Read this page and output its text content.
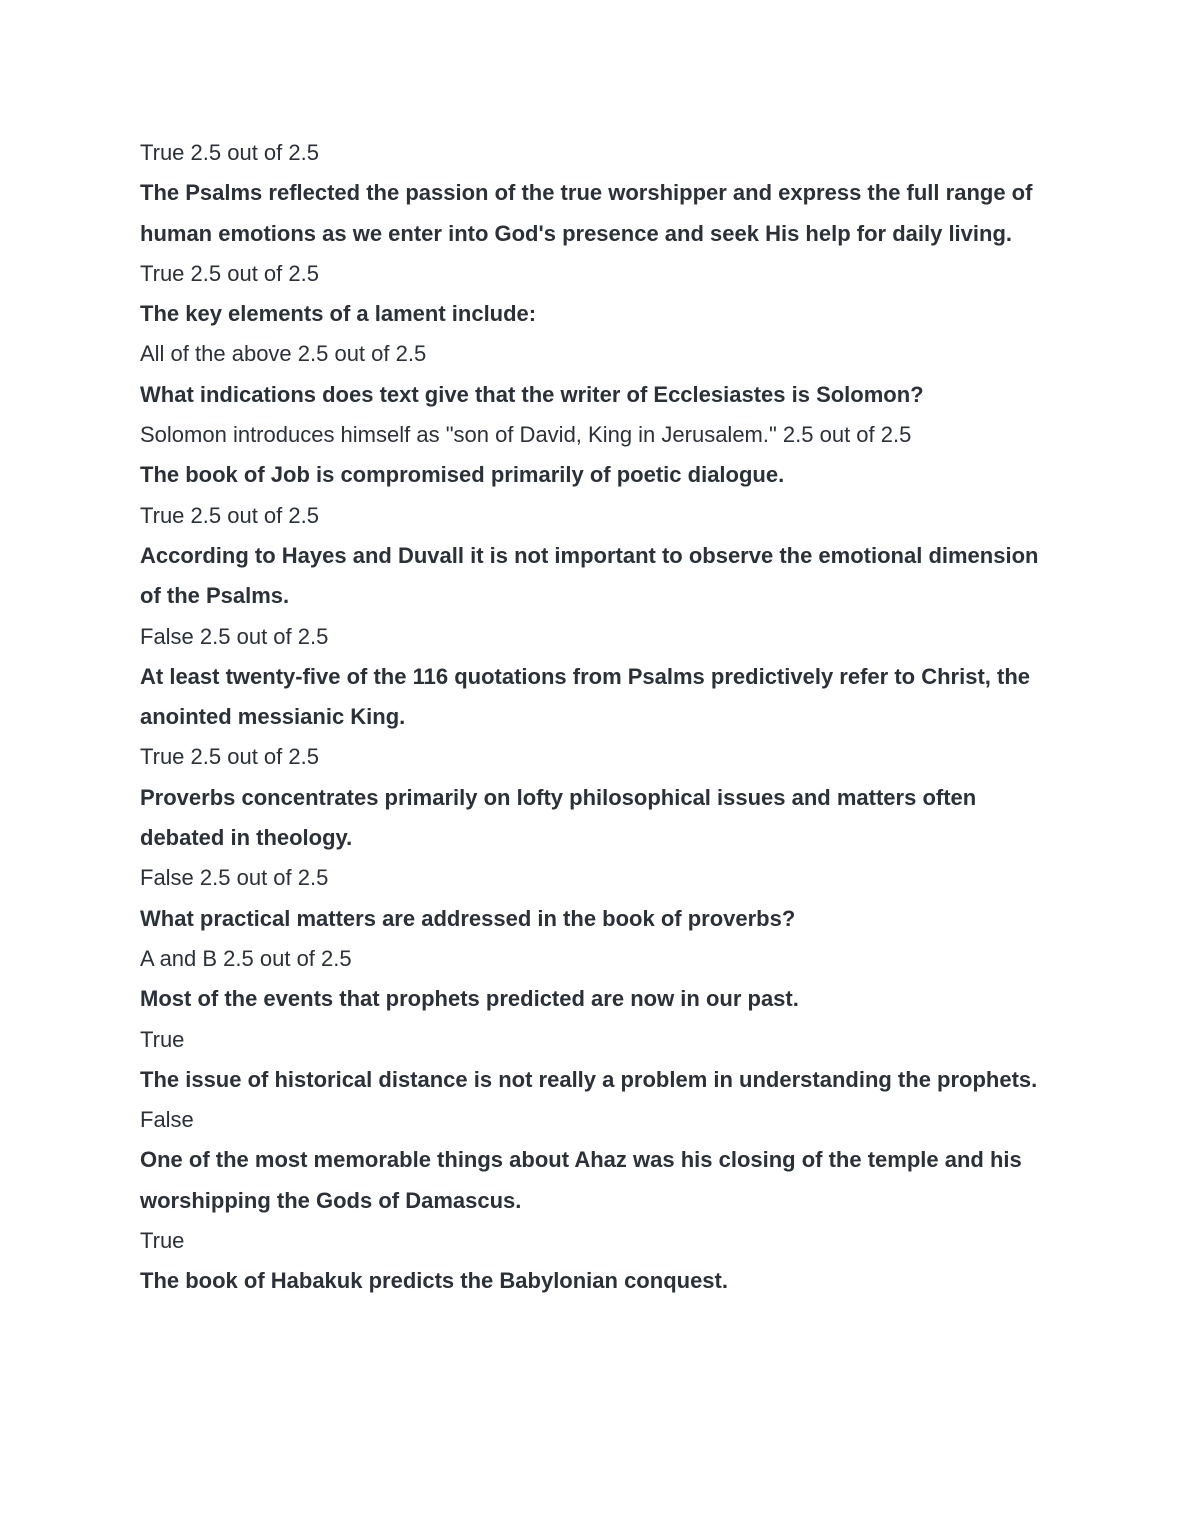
True 2.5 out of 2.5

The Psalms reflected the passion of the true worshipper and express the full range of human emotions as we enter into God's presence and seek His help for daily living.

True 2.5 out of 2.5

The key elements of a lament include:

All of the above 2.5 out of 2.5

What indications does text give that the writer of Ecclesiastes is Solomon?

Solomon introduces himself as "son of David, King in Jerusalem." 2.5 out of 2.5

The book of Job is compromised primarily of poetic dialogue.

True 2.5 out of 2.5

According to Hayes and Duvall it is not important to observe the emotional dimension of the Psalms.

False 2.5 out of 2.5

At least twenty-five of the 116 quotations from Psalms predictively refer to Christ, the anointed messianic King.

True 2.5 out of 2.5

Proverbs concentrates primarily on lofty philosophical issues and matters often debated in theology.

False 2.5 out of 2.5

What practical matters are addressed in the book of proverbs?

A and B 2.5 out of 2.5

Most of the events that prophets predicted are now in our past.

True

The issue of historical distance is not really a problem in understanding the prophets.

False

One of the most memorable things about Ahaz was his closing of the temple and his worshipping the Gods of Damascus.

True

The book of Habakuk predicts the Babylonian conquest.
